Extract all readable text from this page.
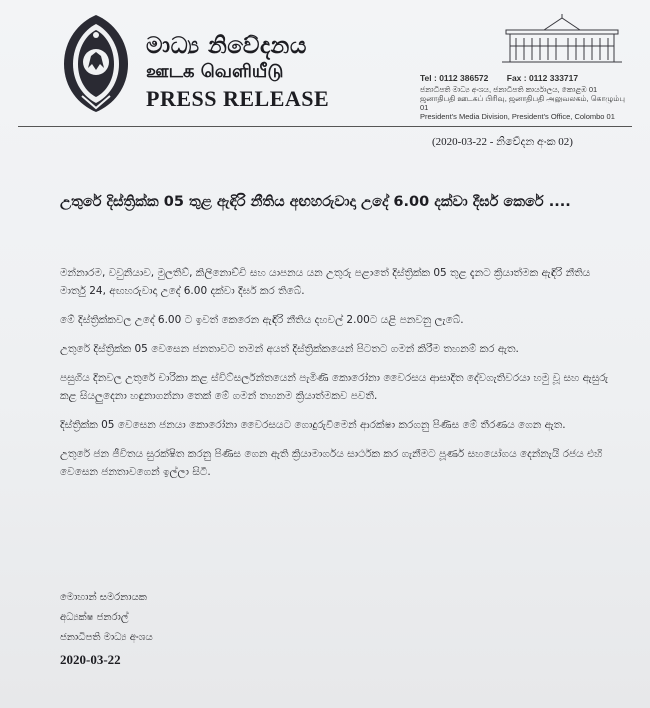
මාධ්‍ය නිවේදනය
ஊடக வெளியீடு
PRESS RELEASE
Tel : 0112 386572 Fax : 0112 333717
ජනාධිපති මාධ්‍ය අංශය, ජනාධිපති කාර්යාලය, කොළඹ 01
ஜனாதிபதி ஊடகப் பிரிவு, ஜனாதிபதி அலுவலகம், கொழும்பு 01
President's Media Division, President's Office, Colombo 01
(2020-03-22 - නිවේදන අංක 02)
උතුරේ දිස්ත්‍රික්ක 05 තුළ ඇඳිරි නීතිය අඟහරුවාදා උදේ 6.00 දක්වා දීර්ඝ කෙරේ ....

මන්නාරම, වවුනියාව, මුලතිව්, කිලිනොච්චි සහ යාපනය යන උතුරු පළාතේ දිස්ත්‍රික්ක 05 තුළ දැනට ක්‍රියාත්මක ඇඳිරි නීතිය මාර්තු 24, අඟහරුවාදා උදේ 6.00 දක්වා දීර්ඝ කර තිබේ.

මේ දිස්ත්‍රික්කවල උදේ 6.00 ට ඉවත් කෙරෙන ඇඳිරි නීතිය දහවල් 2.00ට යළි පනවනු ලැබේ.

උතුරේ දිස්ත්‍රික්ක 05 වෙසෙන ජනතාවට තමන් අයත් දිස්ත්‍රික්කයෙන් පිටතට ගමන් කිරීම තහනම් කර ඇත.

පසුගිය දිනවල උතුරේ චාරිකා කළ ස්විට්සර්ලන්තයෙන් පැමිණි කොරෝනා වෛරසය ආසාදිත දේවගැතිවරයා හමු වූ සහ ඇසුරු කළ සියලුදෙනා හඳුනාගන්නා තෙක් මේ ගමන් තහනම ක්‍රියාත්මකව පවතී.

දිස්ත්‍රික්ක 05 වෙසෙන ජනයා කොරෝනා වෛරසයට ගොදුරුවීමෙන් ආරක්ෂා කරගනු පිණිස මේ තීරණය ගෙන ඇත.

උතුරේ ජන ජීවිතය සුරක්ෂිත කරනු පිණිස ගෙන ඇති ක්‍රියාමාර්ගය සාර්ථක කර ගැනීමට පූර්ණ සහයෝගය දෙන්නැයි රජය එහි වෙසෙන ජනතාවගෙන් ඉල්ලා සිටී.

මොහාන් සමරනායක
අධ්‍යක්ෂ ජනරාල්
ජනාධිපති මාධ්‍ය අංශය
2020-03-22
